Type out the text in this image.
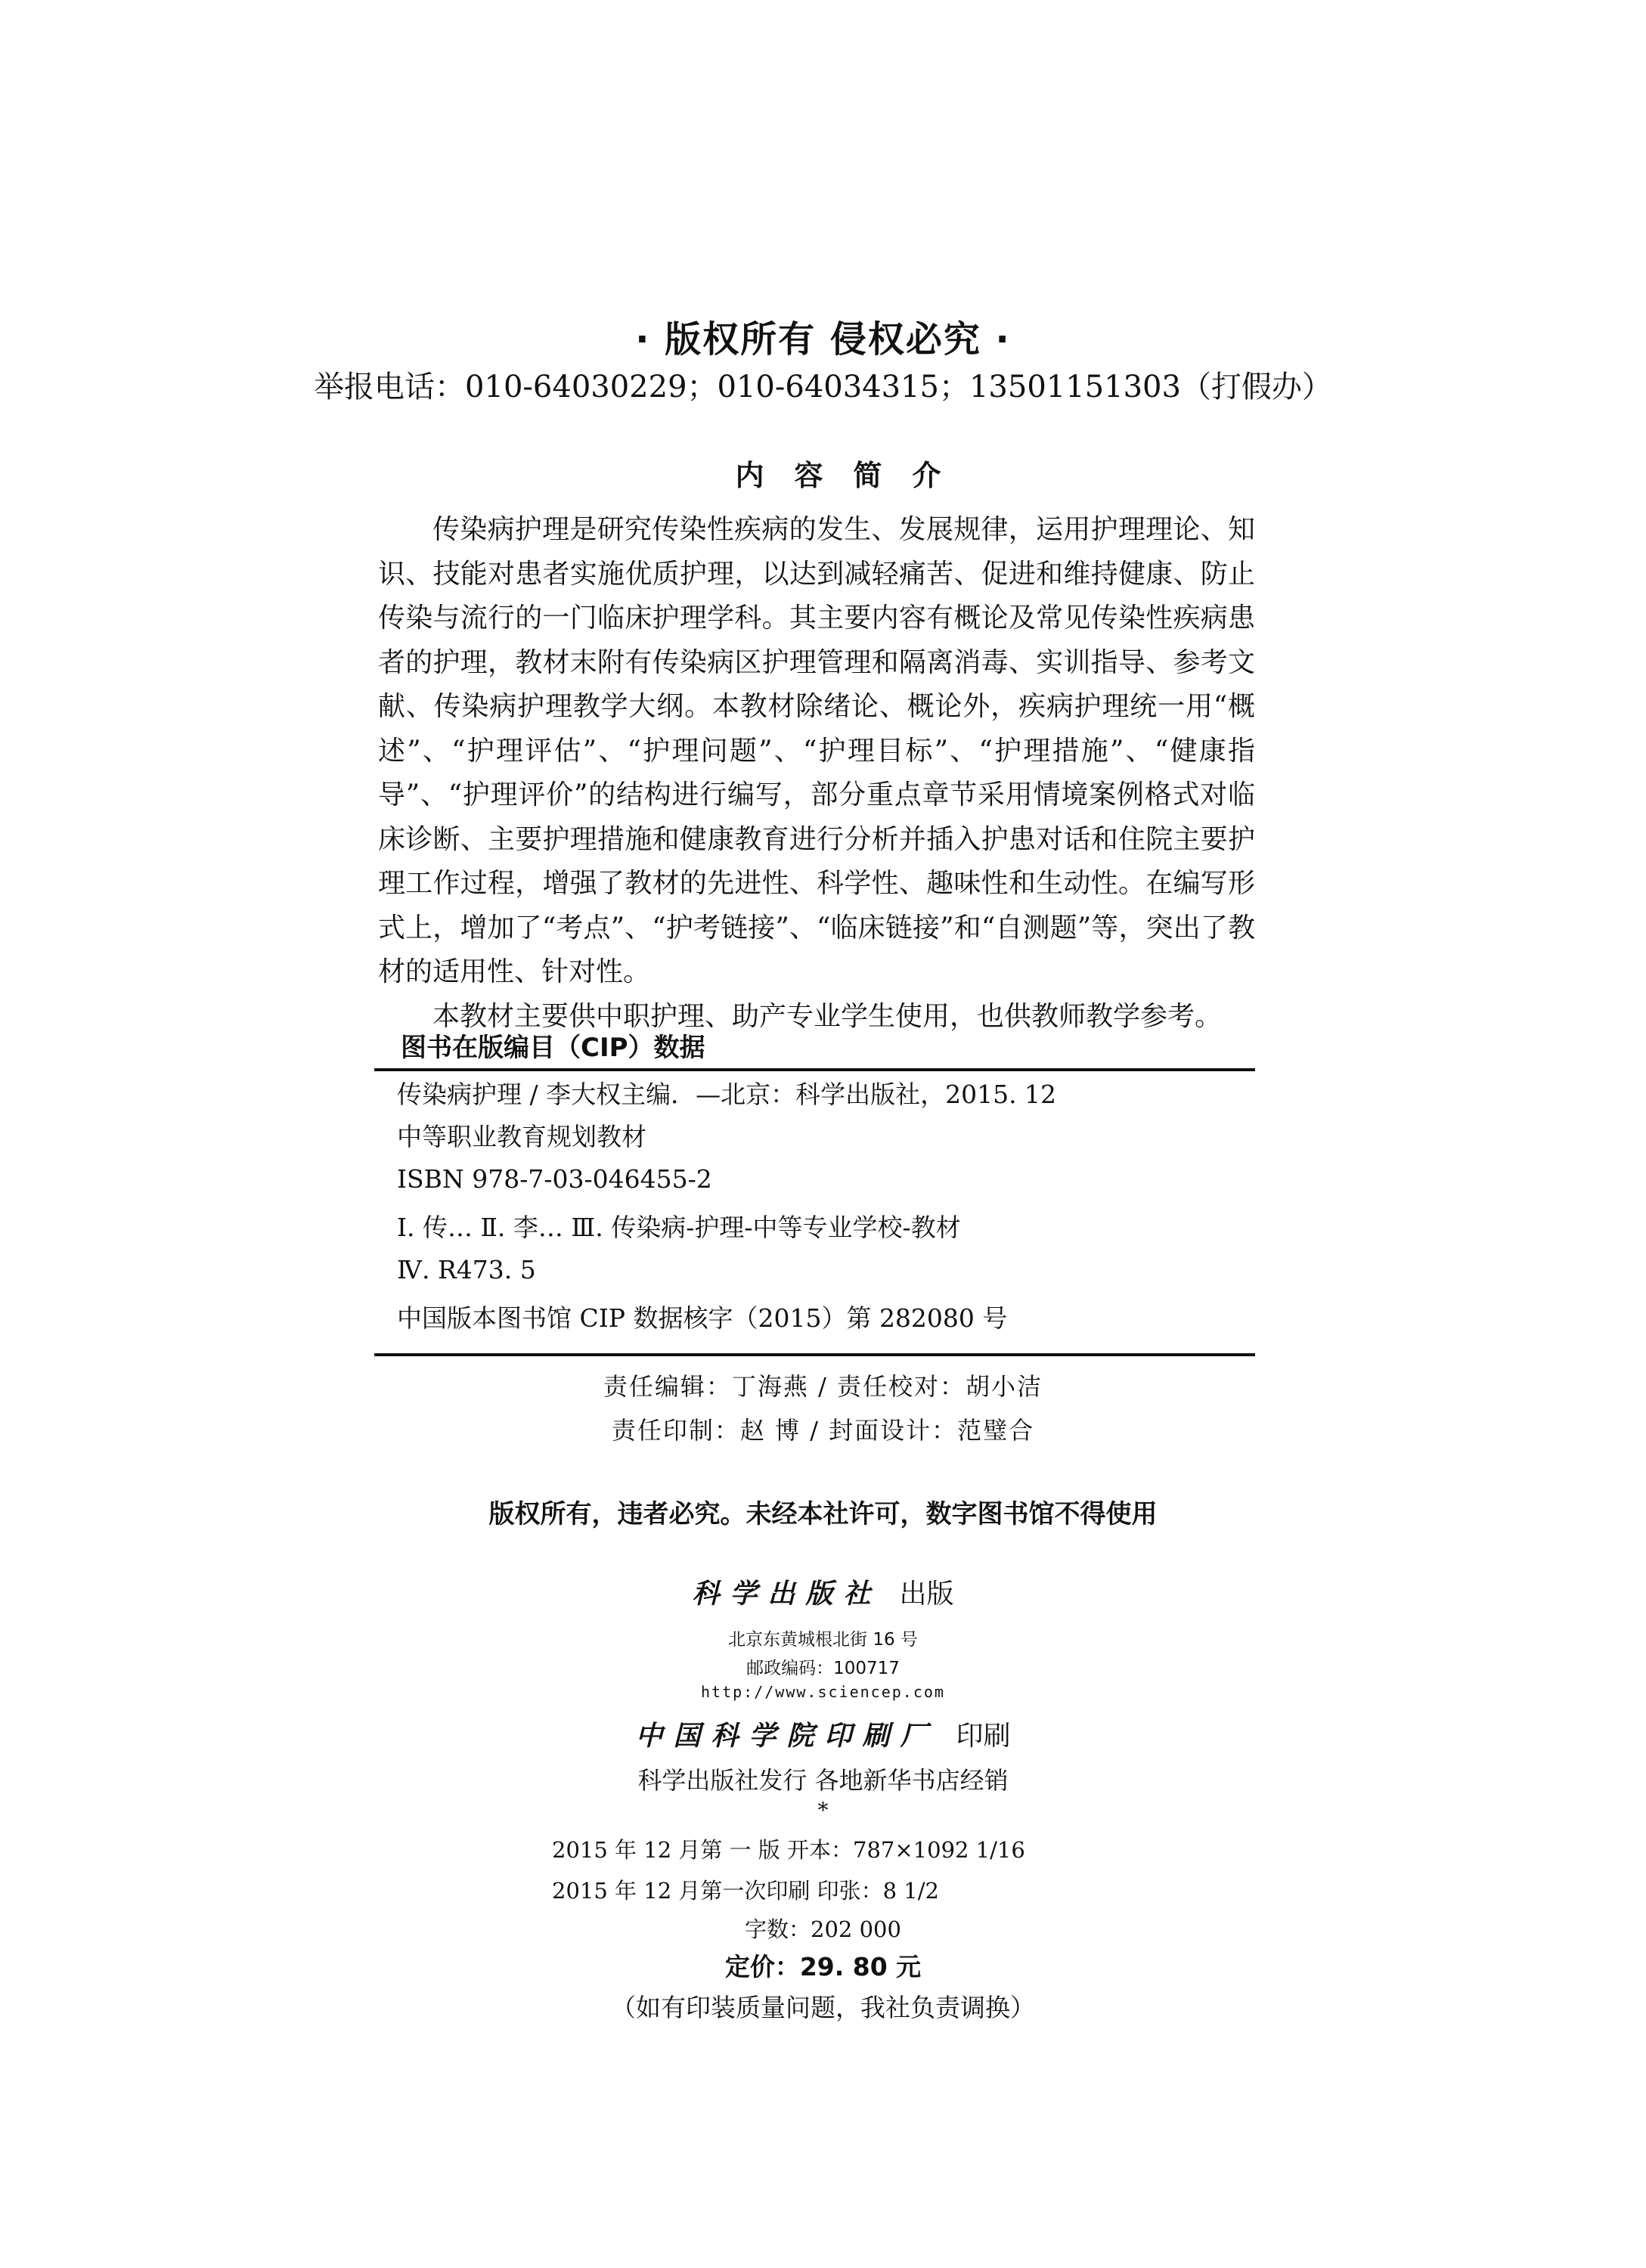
· 版权所有 侵权必究 ·
举报电话：010-64030229；010-64034315；13501151303（打假办）
内容简介

传染病护理是研究传染性疾病的发生、发展规律，运用护理理论、知识、技能对患者实施优质护理，以达到减轻痛苦、促进和维持健康、防止传染与流行的一门临床护理学科。其主要内容有概论及常见传染性疾病患者的护理，教材末附有传染病区护理管理和隔离消毒、实训指导、参考文献、传染病护理教学大纲。本教材除绪论、概论外，疾病护理统一用“概述”、“护理评估”、“护理问题”、“护理目标”、“护理措施”、“健康指导”、“护理评价”的结构进行编写，部分重点章节采用情境案例格式对临床诊断、主要护理措施和健康教育进行分析并插入护患对话和住院主要护理工作过程，增强了教材的先进性、科学性、趣味性和生动性。在编写形式上，增加了“考点”、“护考链接”、“临床链接”和“自测题”等，突出了教材的适用性、针对性。

本教材主要供中职护理、助产专业学生使用，也供教师教学参考。

图书在版编目（CIP）数据
传染病护理 / 李大权主编．—北京：科学出版社，2015. 12
中等职业教育规划教材
ISBN 978-7-03-046455-2
Ⅰ. 传… Ⅱ. 李… Ⅲ. 传染病-护理-中等专业学校-教材
Ⅳ. R473. 5
中国版本图书馆 CIP 数据核字（2015）第 282080 号
责任编辑：丁海燕 / 责任校对：胡小洁
责任印制：赵 博 / 封面设计：范璧合
版权所有，违者必究。未经本社许可，数字图书馆不得使用
科学出版社 出版
北京东黄城根北街 16 号
邮政编码：100717
http://www.sciencep.com
中国科学院印刷厂 印刷
科学出版社发行 各地新华书店经销
*
2015 年 12 月第 一 版 开本：787×1092 1/16
2015 年 12 月第一次印刷 印张：8 1/2
字数：202 000
定价：29. 80 元
（如有印装质量问题，我社负责调换）
